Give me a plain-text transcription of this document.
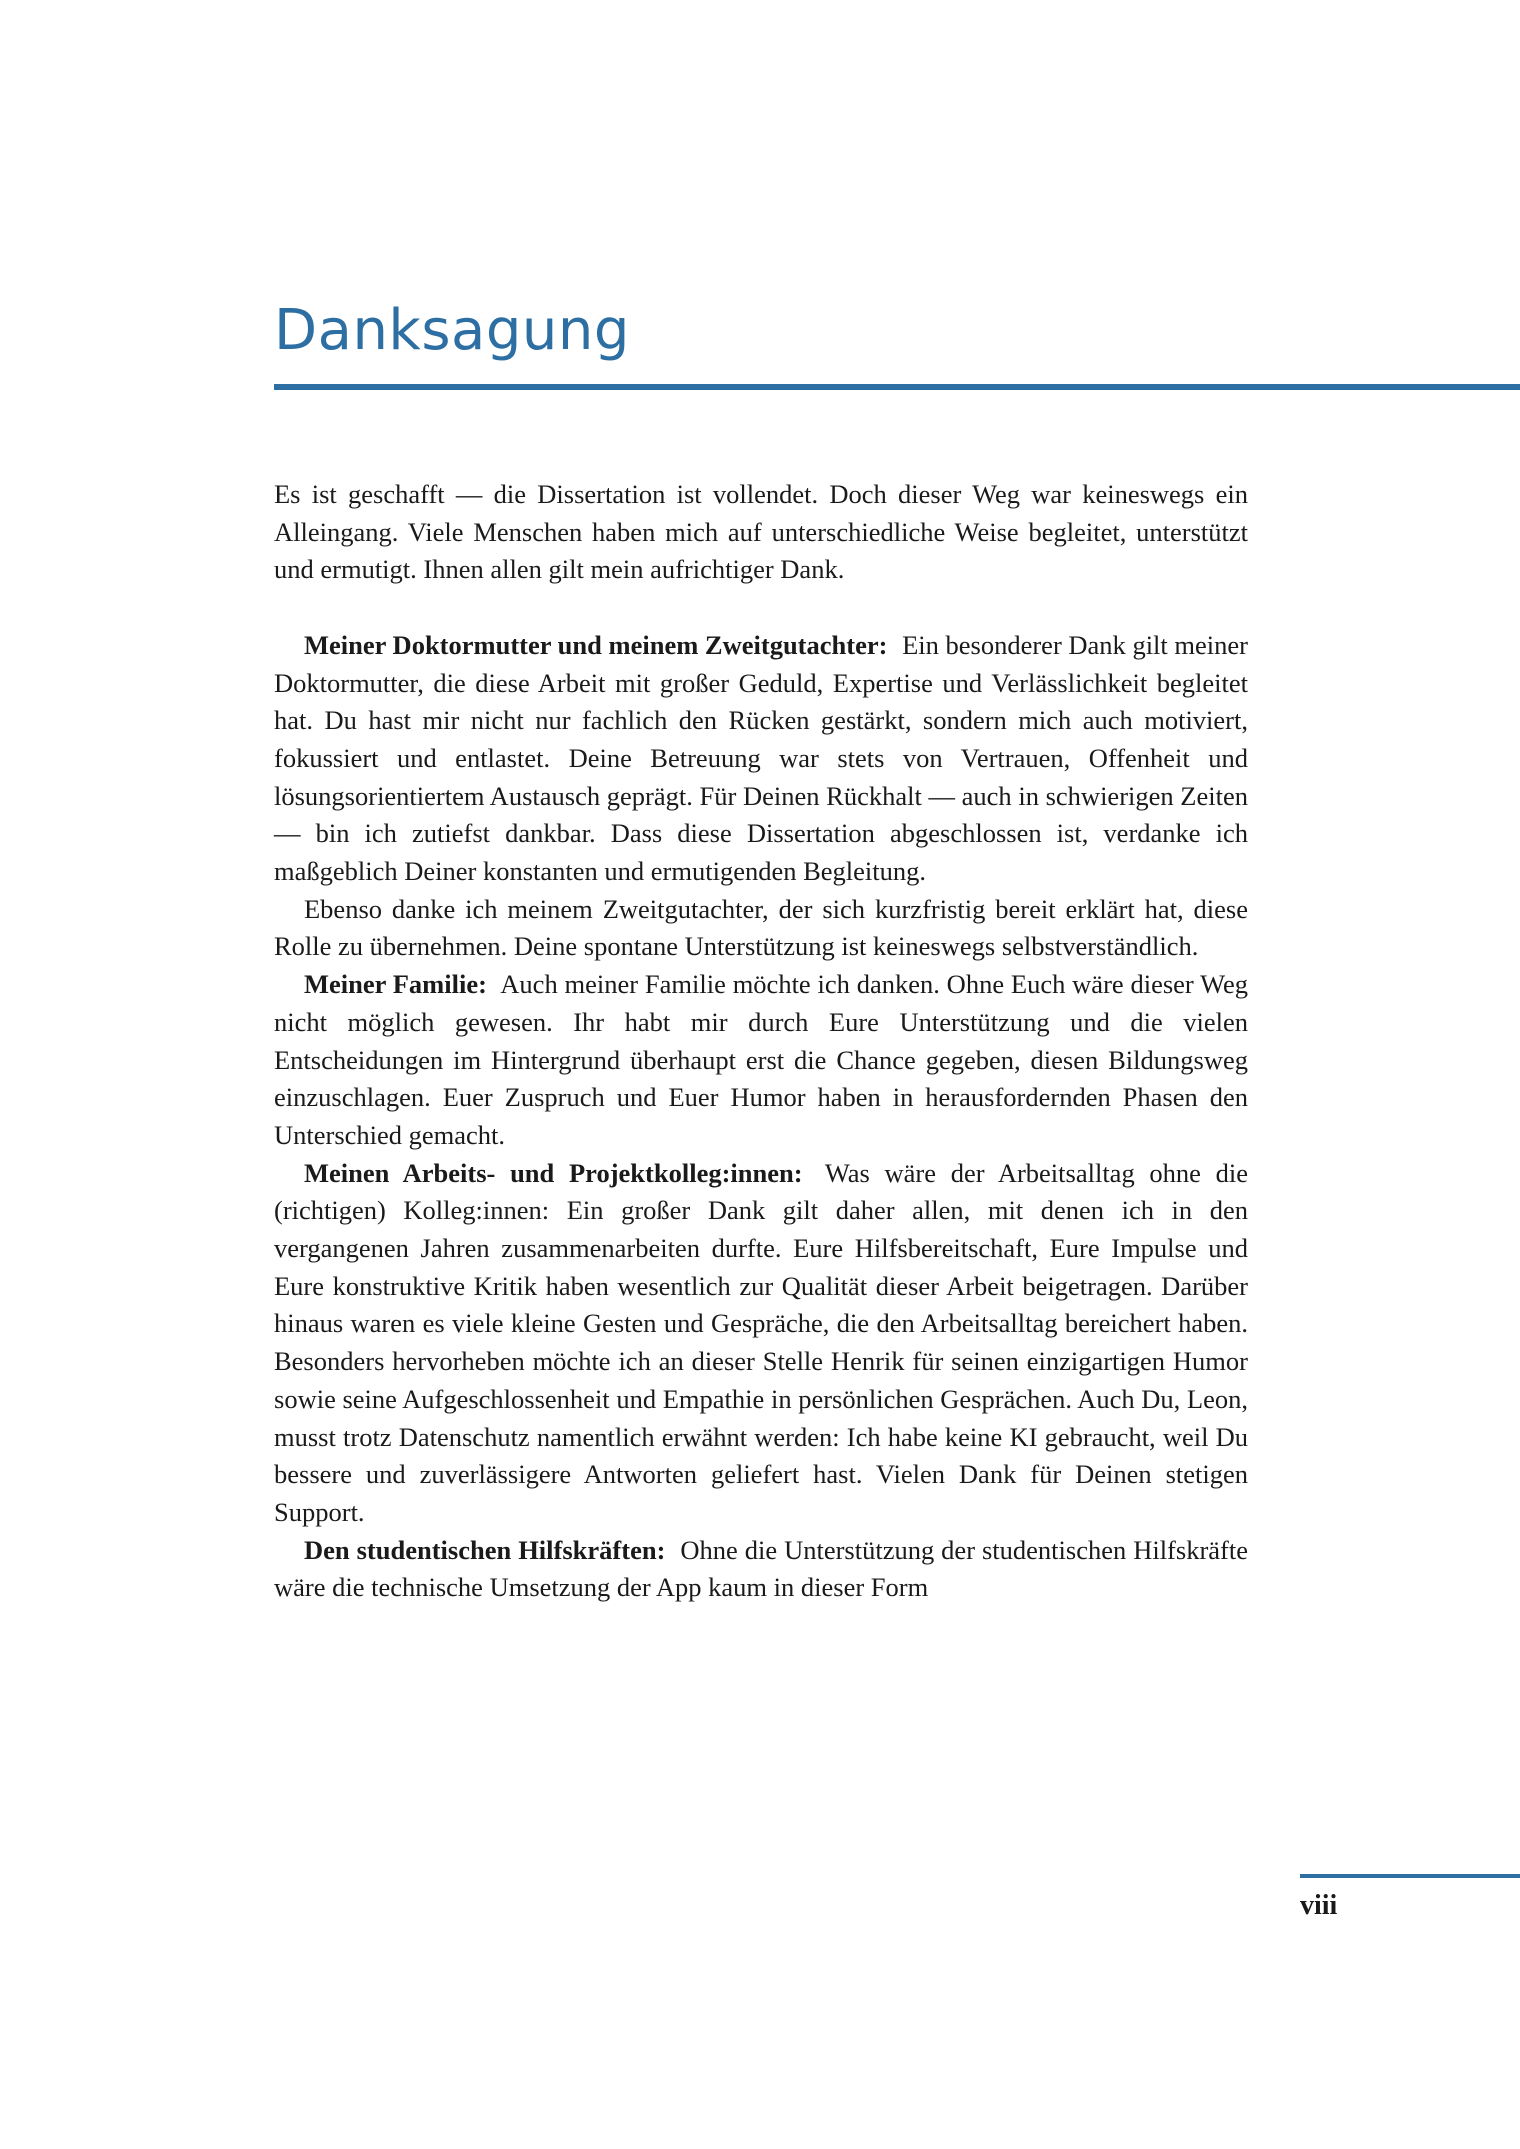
Danksagung

Es ist geschafft — die Dissertation ist vollendet. Doch dieser Weg war keineswegs ein Alleingang. Viele Menschen haben mich auf unterschiedliche Weise begleitet, unterstützt und ermutigt. Ihnen allen gilt mein aufrichtiger Dank.

Meiner Doktormutter und meinem Zweitgutachter: Ein besonderer Dank gilt meiner Doktormutter, die diese Arbeit mit großer Geduld, Expertise und Verlässlichkeit begleitet hat. Du hast mir nicht nur fachlich den Rücken gestärkt, sondern mich auch motiviert, fokussiert und entlastet. Deine Betreuung war stets von Vertrauen, Offenheit und lösungsorientiertem Austausch geprägt. Für Deinen Rückhalt — auch in schwierigen Zeiten — bin ich zutiefst dankbar. Dass diese Dissertation abgeschlossen ist, verdanke ich maßgeblich Deiner konstanten und ermutigenden Begleitung.

Ebenso danke ich meinem Zweitgutachter, der sich kurzfristig bereit erklärt hat, diese Rolle zu übernehmen. Deine spontane Unterstützung ist keineswegs selbstverständlich.

Meiner Familie: Auch meiner Familie möchte ich danken. Ohne Euch wäre dieser Weg nicht möglich gewesen. Ihr habt mir durch Eure Unterstützung und die vielen Entscheidungen im Hintergrund überhaupt erst die Chance gegeben, diesen Bildungsweg einzuschlagen. Euer Zuspruch und Euer Humor haben in herausfordernden Phasen den Unterschied gemacht.

Meinen Arbeits- und Projektkolleg:innen: Was wäre der Arbeitsalltag ohne die (richtigen) Kolleg:innen: Ein großer Dank gilt daher allen, mit denen ich in den vergangenen Jahren zusammenarbeiten durfte. Eure Hilfsbereitschaft, Eure Impulse und Eure konstruktive Kritik haben wesentlich zur Qualität dieser Arbeit beigetragen. Darüber hinaus waren es viele kleine Gesten und Gespräche, die den Arbeitsalltag bereichert haben. Besonders hervorheben möchte ich an dieser Stelle Henrik für seinen einzigartigen Humor sowie seine Aufgeschlossenheit und Empathie in persönlichen Gesprächen. Auch Du, Leon, musst trotz Datenschutz namentlich erwähnt werden: Ich habe keine KI gebraucht, weil Du bessere und zuverlässigere Antworten geliefert hast. Vielen Dank für Deinen stetigen Support.

Den studentischen Hilfskräften: Ohne die Unterstützung der studentischen Hilfskräfte wäre die technische Umsetzung der App kaum in dieser Form

viii
